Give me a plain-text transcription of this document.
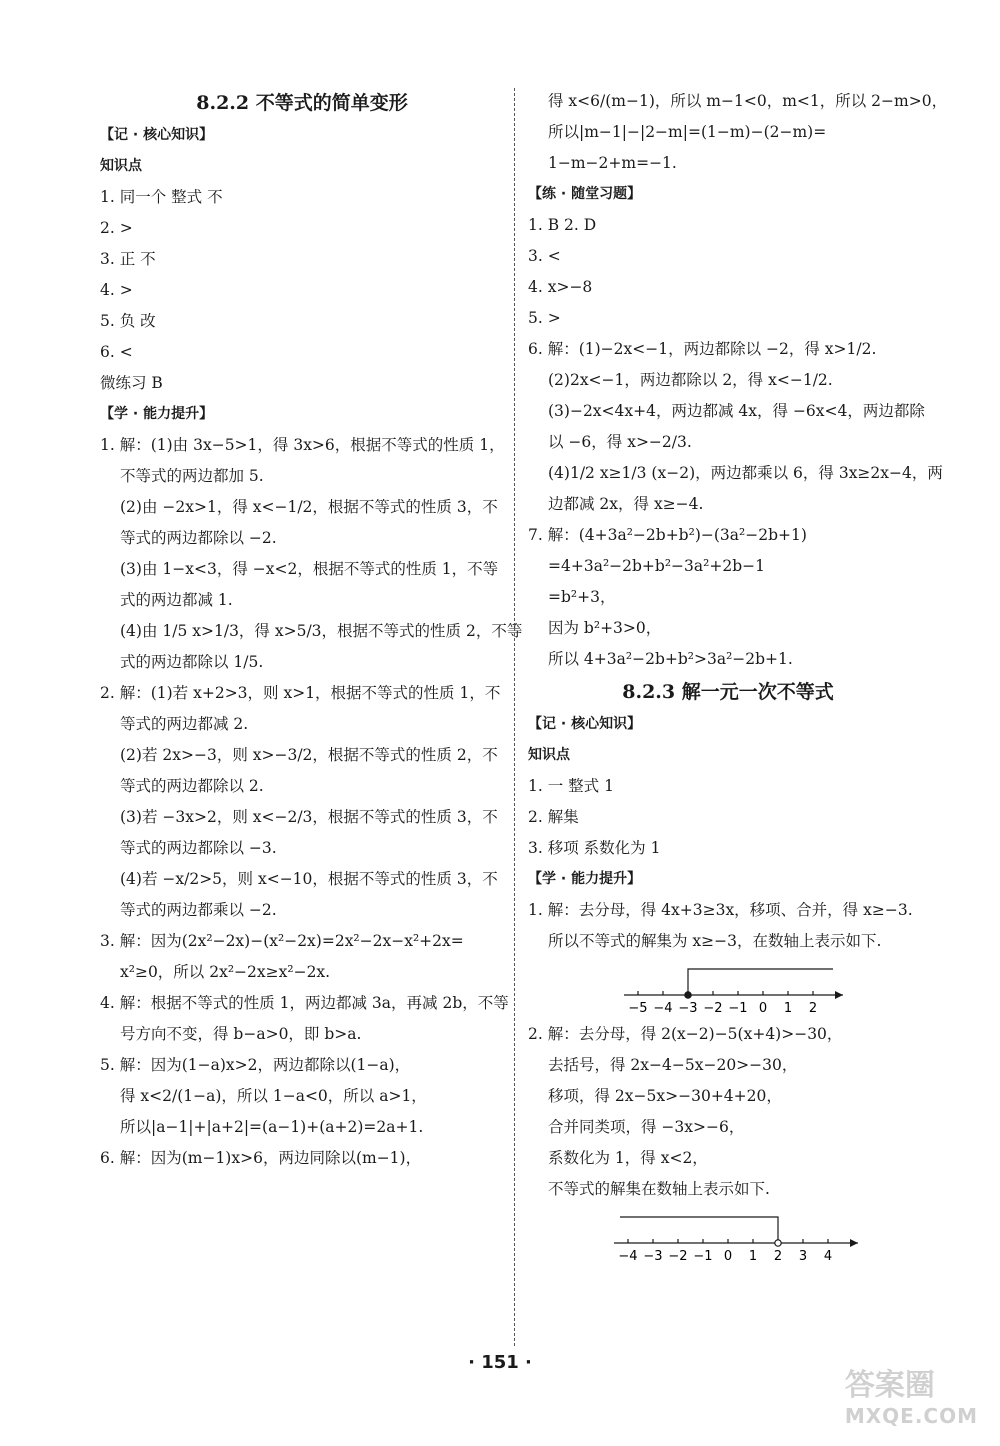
8.2.2 不等式的简单变形
【记 · 核心知识】
知识点
1. 同一个 整式 不
2. >
3. 正 不
4. >
5. 负 改
6. <
微练习 B
【学 · 能力提升】
1. 解：(1)由 3x−5>1，得 3x>6，根据不等式的性质 1，
不等式的两边都加 5.
(2)由 −2x>1，得 x<−1/2，根据不等式的性质 3，不
等式的两边都除以 −2.
(3)由 1−x<3，得 −x<2，根据不等式的性质 1，不等
式的两边都减 1.
(4)由 1/5 x>1/3，得 x>5/3，根据不等式的性质 2，不等
式的两边都除以 1/5.
2. 解：(1)若 x+2>3，则 x>1，根据不等式的性质 1，不
等式的两边都减 2.
(2)若 2x>−3，则 x>−3/2，根据不等式的性质 2，不
等式的两边都除以 2.
(3)若 −3x>2，则 x<−2/3，根据不等式的性质 3，不
等式的两边都除以 −3.
(4)若 −x/2>5，则 x<−10，根据不等式的性质 3，不
等式的两边都乘以 −2.
3. 解：因为(2x²−2x)−(x²−2x)=2x²−2x−x²+2x=
x²≥0，所以 2x²−2x≥x²−2x.
4. 解：根据不等式的性质 1，两边都减 3a，再减 2b，不等
号方向不变，得 b−a>0，即 b>a.
5. 解：因为(1−a)x>2，两边都除以(1−a)，
得 x<2/(1−a)，所以 1−a<0，所以 a>1，
所以|a−1|+|a+2|=(a−1)+(a+2)=2a+1.
6. 解：因为(m−1)x>6，两边同除以(m−1)，
得 x<6/(m−1)，所以 m−1<0，m<1，所以 2−m>0，
所以|m−1|−|2−m|=(1−m)−(2−m)=
1−m−2+m=−1.
【练 · 随堂习题】
1. B 2. D
3. <
4. x>−8
5. >
6. 解：(1)−2x<−1，两边都除以 −2，得 x>1/2.
(2)2x<−1，两边都除以 2，得 x<−1/2.
(3)−2x<4x+4，两边都减 4x，得 −6x<4，两边都除
以 −6，得 x>−2/3.
(4)1/2 x≥1/3 (x−2)，两边都乘以 6，得 3x≥2x−4，两
边都减 2x，得 x≥−4.
7. 解：(4+3a²−2b+b²)−(3a²−2b+1)
=4+3a²−2b+b²−3a²+2b−1
=b²+3，
因为 b²+3>0，
所以 4+3a²−2b+b²>3a²−2b+1.
8.2.3 解一元一次不等式
【记 · 核心知识】
知识点
1. 一 整式 1
2. 解集
3. 移项 系数化为 1
【学 · 能力提升】
1. 解：去分母，得 4x+3≥3x，移项、合并，得 x≥−3.
所以不等式的解集为 x≥−3，在数轴上表示如下.
−5 −4 −3 −2 −1 0 1 2
2. 解：去分母，得 2(x−2)−5(x+4)>−30，
去括号，得 2x−4−5x−20>−30，
移项，得 2x−5x>−30+4+20，
合并同类项，得 −3x>−6，
系数化为 1，得 x<2，
不等式的解集在数轴上表示如下.
−4 −3 −2 −1 0 1 2 3 4
· 151 ·
答案圈
MXQE.COM
